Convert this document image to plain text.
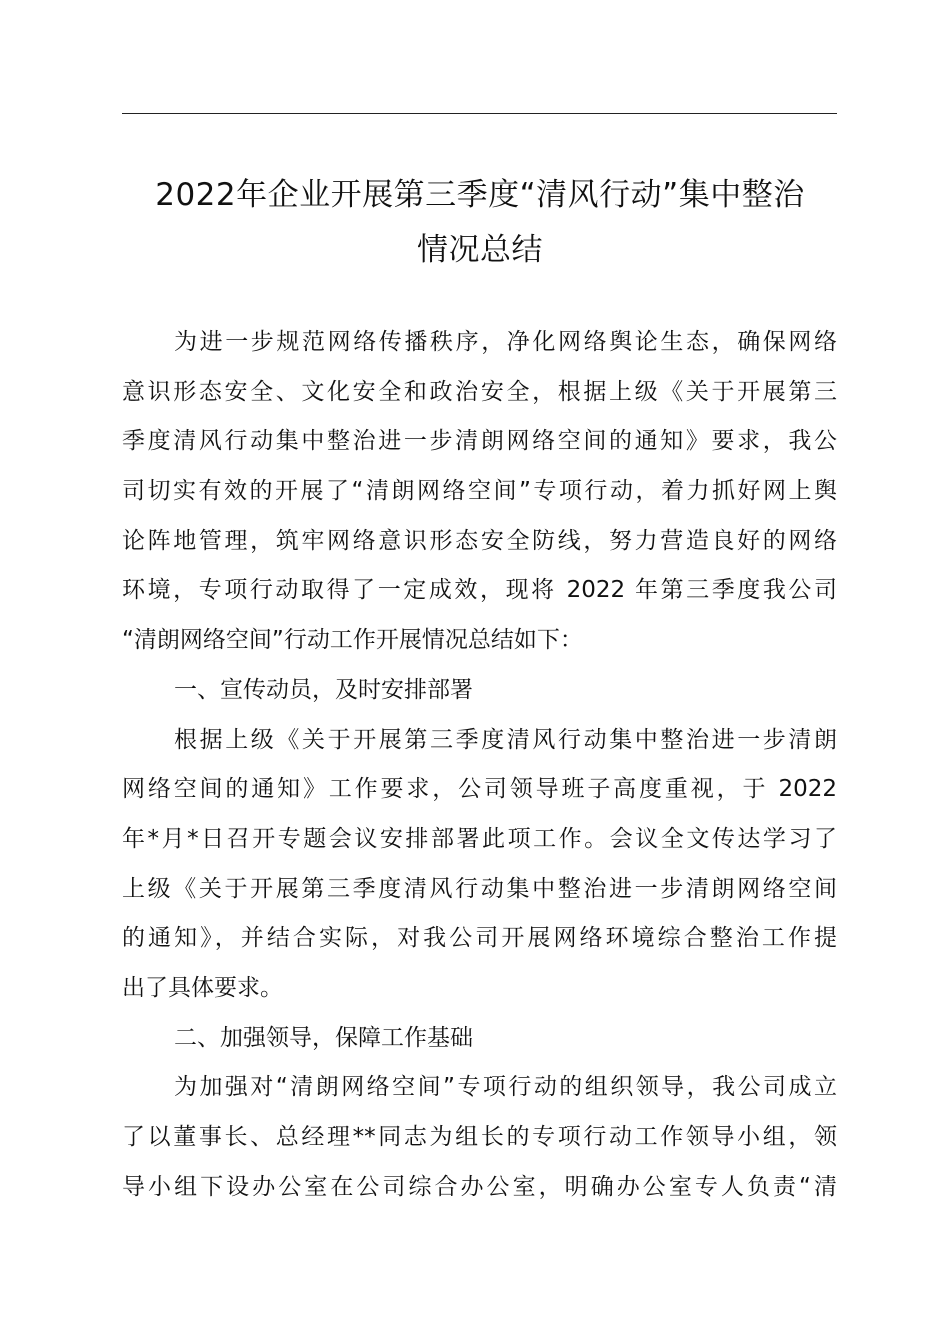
2022年企业开展第三季度“清风行动”集中整治
情况总结
为进一步规范网络传播秩序，净化网络舆论生态，确保网络
意识形态安全、文化安全和政治安全，根据上级《关于开展第三
季度清风行动集中整治进一步清朗网络空间的通知》要求，我公
司切实有效的开展了“清朗网络空间”专项行动，着力抓好网上舆
论阵地管理，筑牢网络意识形态安全防线，努力营造良好的网络
环境，专项行动取得了一定成效，现将 2022 年第三季度我公司
“清朗网络空间”行动工作开展情况总结如下：
一、宣传动员，及时安排部署
根据上级《关于开展第三季度清风行动集中整治进一步清朗
网络空间的通知》工作要求，公司领导班子高度重视，于 2022
年*月*日召开专题会议安排部署此项工作。会议全文传达学习了
上级《关于开展第三季度清风行动集中整治进一步清朗网络空间
的通知》，并结合实际，对我公司开展网络环境综合整治工作提
出了具体要求。
二、加强领导，保障工作基础
为加强对“清朗网络空间”专项行动的组织领导，我公司成立
了以董事长、总经理**同志为组长的专项行动工作领导小组，领
导小组下设办公室在公司综合办公室，明确办公室专人负责“清
